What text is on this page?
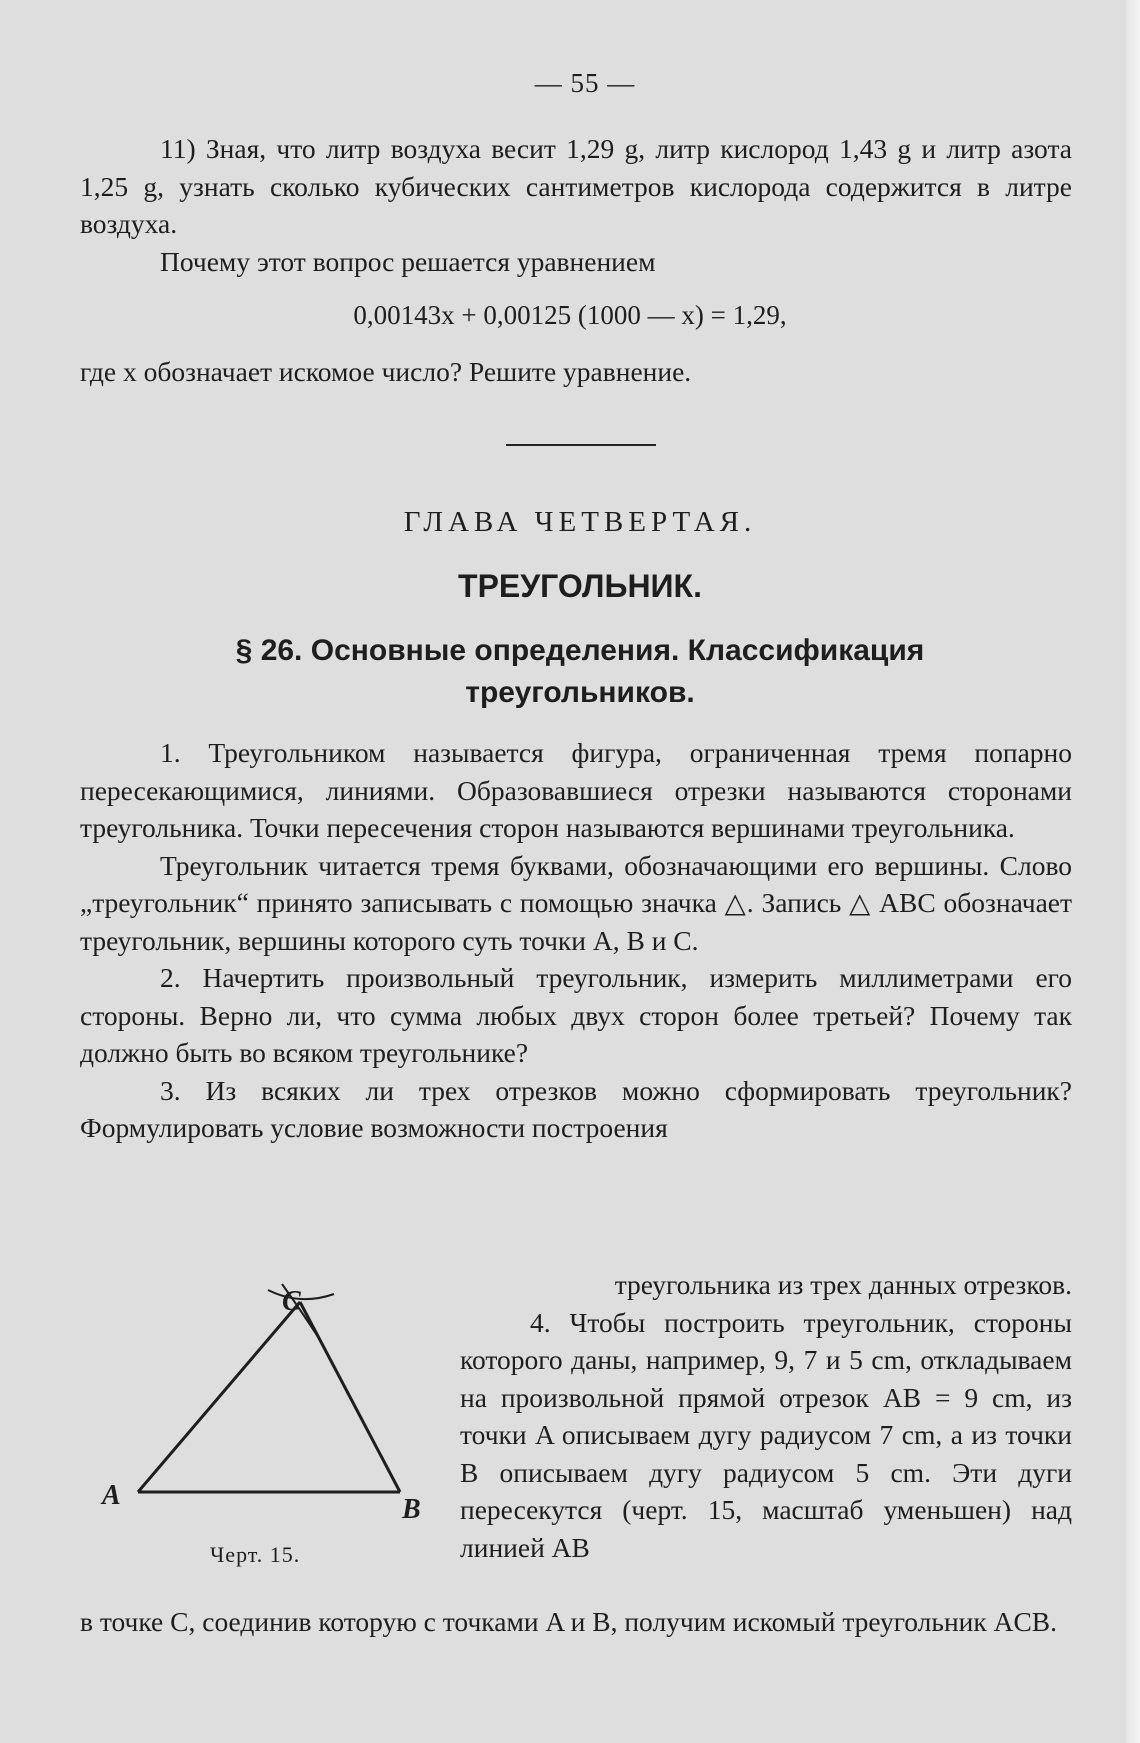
— 55 —

11) Зная, что литр воздуха весит 1,29 g, литр кислород 1,43 g и литр азота 1,25 g, узнать сколько кубических сантиметров кислорода содержится в литре воздуха.

Почему этот вопрос решается уравнением

0,00143x + 0,00125 (1000 — x) = 1,29,

где x обозначает искомое число? Решите уравнение.

ГЛАВА ЧЕТВЕРТАЯ.
ТРЕУГОЛЬНИК.
§ 26. Основные определения. Классификация треугольников.

1. Треугольником называется фигура, ограниченная тремя попарно пересекающимися, линиями. Образовавшиеся отрезки называются сторонами треугольника. Точки пересечения сторон называются вершинами треугольника.

Треугольник читается тремя буквами, обозначающими его вершины. Слово „треугольник“ принято записывать с помощью значка △. Запись △ ABC обозначает треугольник, вершины которого суть точки A, B и C.

2. Начертить произвольный треугольник, измерить миллиметрами его стороны. Верно ли, что сумма любых двух сторон более третьей? Почему так должно быть во всяком треугольнике?

3. Из всяких ли трех отрезков можно сформировать треугольник? Формулировать условие возможности построения

C
A	B
Черт. 15.

треугольника из трех данных отрезков.

4. Чтобы построить треугольник, стороны которого даны, например, 9, 7 и 5 cm, откладываем на произвольной прямой отрезок AB = 9 cm, из точки A описываем дугу радиусом 7 cm, а из точки B описываем дугу радиусом 5 cm. Эти дуги пересекутся (черт. 15, масштаб уменьшен) над линией AB

в точке C, соединив которую с точками A и B, получим искомый треугольник ACB.
